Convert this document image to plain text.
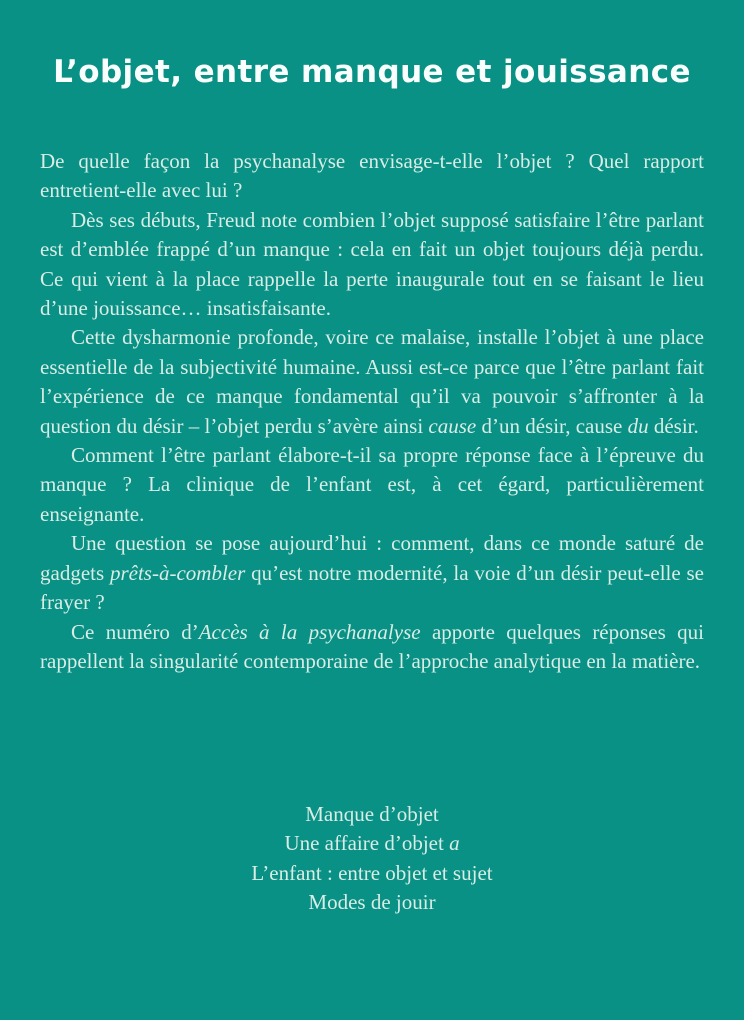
L’objet, entre manque et jouissance

De quelle façon la psychanalyse envisage-t-elle l’objet ? Quel rapport entretient-elle avec lui ?

Dès ses débuts, Freud note combien l’objet supposé satisfaire l’être parlant est d’emblée frappé d’un manque : cela en fait un objet toujours déjà perdu. Ce qui vient à la place rappelle la perte inaugurale tout en se faisant le lieu d’une jouissance… insatisfaisante.

Cette dysharmonie profonde, voire ce malaise, installe l’objet à une place essentielle de la subjectivité humaine. Aussi est-ce parce que l’être parlant fait l’expérience de ce manque fondamental qu’il va pouvoir s’affronter à la question du désir – l’objet perdu s’avère ainsi cause d’un désir, cause du désir.

Comment l’être parlant élabore-t-il sa propre réponse face à l’épreuve du manque ? La clinique de l’enfant est, à cet égard, particulièrement enseignante.

Une question se pose aujourd’hui : comment, dans ce monde saturé de gadgets prêts-à-combler qu’est notre modernité, la voie d’un désir peut-elle se frayer ?

Ce numéro d’Accès à la psychanalyse apporte quelques réponses qui rappellent la singularité contemporaine de l’approche analytique en la matière.

Manque d’objet
Une affaire d’objet a
L’enfant : entre objet et sujet
Modes de jouir
